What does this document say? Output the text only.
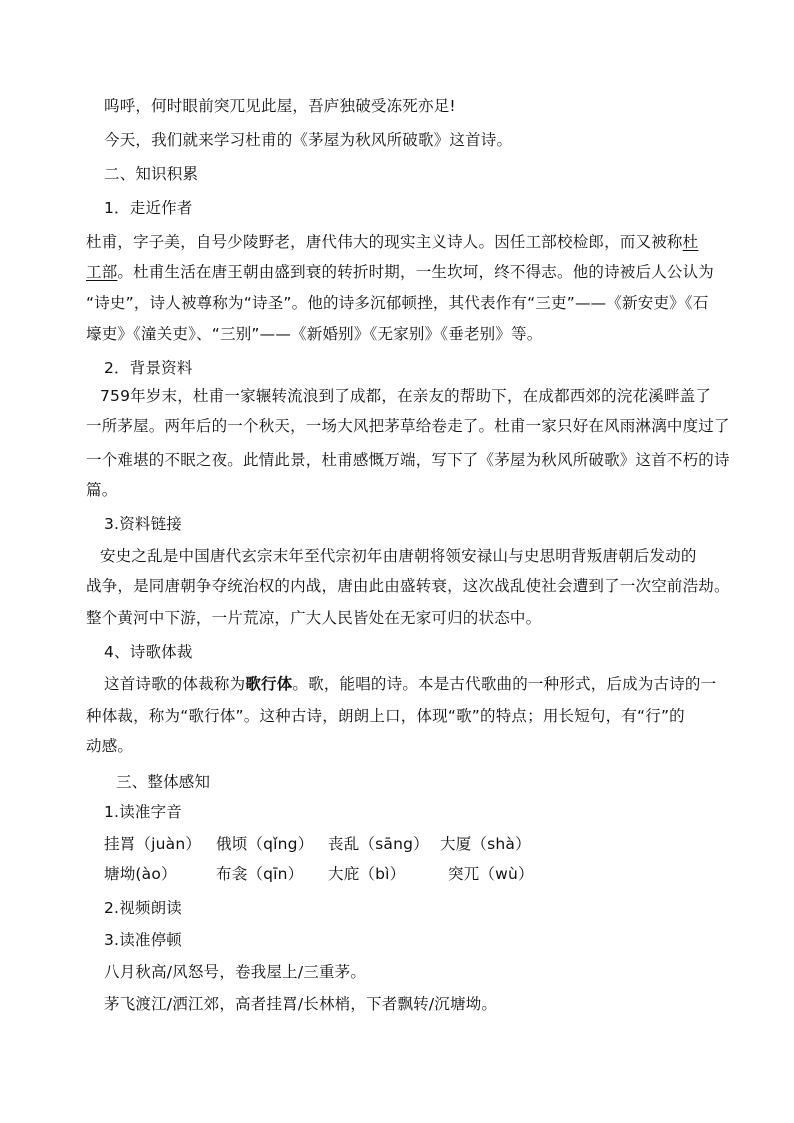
呜呼，何时眼前突兀见此屋，吾庐独破受冻死亦足!
今天，我们就来学习杜甫的《茅屋为秋风所破歌》这首诗。
二、知识积累
1．走近作者
杜甫，字子美，自号少陵野老，唐代伟大的现实主义诗人。因任工部校检郎，而又被称杜
工部。杜甫生活在唐王朝由盛到衰的转折时期，一生坎坷，终不得志。他的诗被后人公认为
“诗史”，诗人被尊称为“诗圣”。他的诗多沉郁顿挫，其代表作有“三吏”——《新安吏》《石
壕吏》《潼关吏》、“三别”——《新婚别》《无家别》《垂老别》等。
2．背景资料
759年岁末，杜甫一家辗转流浪到了成都，在亲友的帮助下，在成都西郊的浣花溪畔盖了
一所茅屋。两年后的一个秋天，一场大风把茅草给卷走了。杜甫一家只好在风雨淋漓中度过了
一个难堪的不眠之夜。此情此景，杜甫感慨万端，写下了《茅屋为秋风所破歌》这首不朽的诗
篇。
3.资料链接
安史之乱是中国唐代玄宗末年至代宗初年由唐朝将领安禄山与史思明背叛唐朝后发动的
战争，是同唐朝争夺统治权的内战，唐由此由盛转衰，这次战乱使社会遭到了一次空前浩劫。
整个黄河中下游，一片荒凉，广大人民皆处在无家可归的状态中。
4、诗歌体裁
这首诗歌的体裁称为歌行体。歌，能唱的诗。本是古代歌曲的一种形式，后成为古诗的一
种体裁，称为“歌行体”。这种古诗，朗朗上口，体现“歌”的特点；用长短句，有“行”的
动感。
三、整体感知
1.读准字音
挂罥（juàn） 俄顷（qǐng） 丧乱（sāng） 大厦（shà）
塘坳(ào）	布衾（qīn） 大庇（bì）	突兀（wù）
2.视频朗读
3.读准停顿
八月秋高/风怒号，卷我屋上/三重茅。
茅飞渡江/洒江郊，高者挂罥/长林梢，下者飘转/沉塘坳。
